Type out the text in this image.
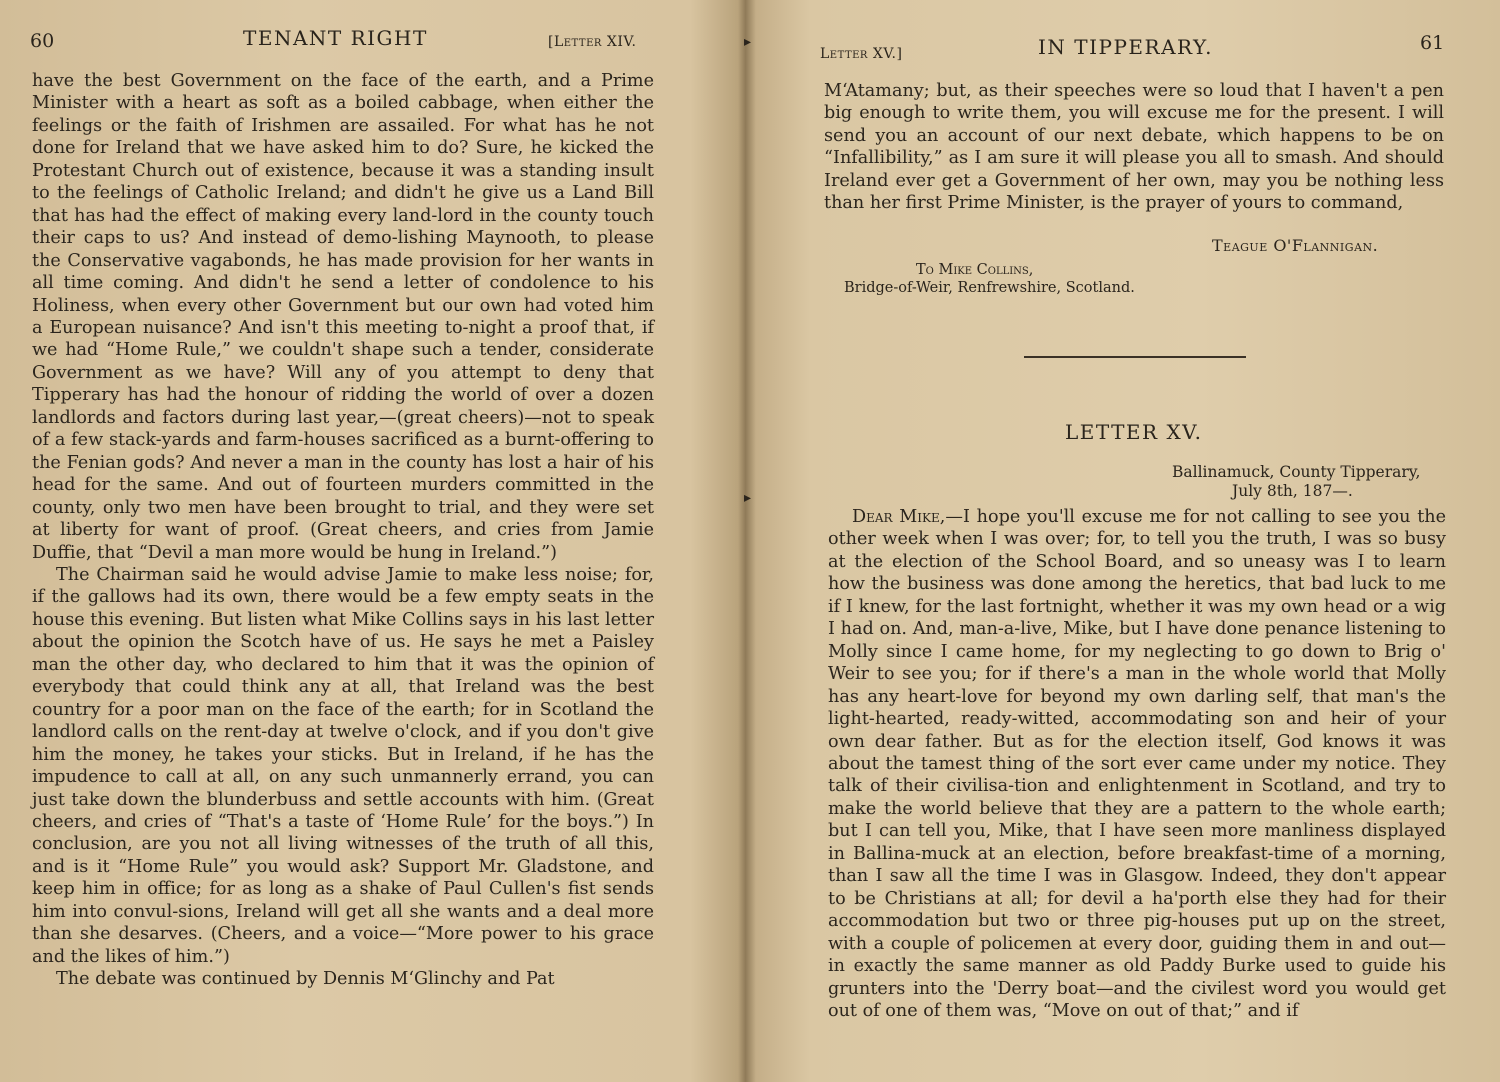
60	TENANT RIGHT	[Letter XIV.

have the best Government on the face of the earth, and a Prime Minister with a heart as soft as a boiled cabbage, when either the feelings or the faith of Irishmen are assailed. For what has he not done for Ireland that we have asked him to do? Sure, he kicked the Protestant Church out of existence, because it was a standing insult to the feelings of Catholic Ireland; and didn't he give us a Land Bill that has had the effect of making every land-lord in the county touch their caps to us? And instead of demo-lishing Maynooth, to please the Conservative vagabonds, he has made provision for her wants in all time coming. And didn't he send a letter of condolence to his Holiness, when every other Government but our own had voted him a European nuisance? And isn't this meeting to-night a proof that, if we had “Home Rule,” we couldn't shape such a tender, considerate Government as we have? Will any of you attempt to deny that Tipperary has had the honour of ridding the world of over a dozen landlords and factors during last year,—(great cheers)—not to speak of a few stack-yards and farm-houses sacrificed as a burnt-offering to the Fenian gods? And never a man in the county has lost a hair of his head for the same. And out of fourteen murders committed in the county, only two men have been brought to trial, and they were set at liberty for want of proof. (Great cheers, and cries from Jamie Duffie, that “Devil a man more would be hung in Ireland.”)

The Chairman said he would advise Jamie to make less noise; for, if the gallows had its own, there would be a few empty seats in the house this evening. But listen what Mike Collins says in his last letter about the opinion the Scotch have of us. He says he met a Paisley man the other day, who declared to him that it was the opinion of everybody that could think any at all, that Ireland was the best country for a poor man on the face of the earth; for in Scotland the landlord calls on the rent-day at twelve o'clock, and if you don't give him the money, he takes your sticks. But in Ireland, if he has the impudence to call at all, on any such unmannerly errand, you can just take down the blunderbuss and settle accounts with him. (Great cheers, and cries of “That's a taste of ‘Home Rule’ for the boys.”) In conclusion, are you not all living witnesses of the truth of all this, and is it “Home Rule” you would ask? Support Mr. Gladstone, and keep him in office; for as long as a shake of Paul Cullen's fist sends him into convul-sions, Ireland will get all she wants and a deal more than she desarves. (Cheers, and a voice—“More power to his grace and the likes of him.”)

The debate was continued by Dennis M‘Glinchy and Pat

Letter XV.]	IN TIPPERARY.	61

M‘Atamany; but, as their speeches were so loud that I haven't a pen big enough to write them, you will excuse me for the present. I will send you an account of our next debate, which happens to be on “Infallibility,” as I am sure it will please you all to smash. And should Ireland ever get a Government of her own, may you be nothing less than her first Prime Minister, is the prayer of yours to command,

Teague O'Flannigan.
To Mike Collins,
Bridge-of-Weir, Renfrewshire, Scotland.
LETTER XV.
Ballinamuck, County Tipperary,
July 8th, 187—.

Dear Mike,—I hope you'll excuse me for not calling to see you the other week when I was over; for, to tell you the truth, I was so busy at the election of the School Board, and so uneasy was I to learn how the business was done among the heretics, that bad luck to me if I knew, for the last fortnight, whether it was my own head or a wig I had on. And, man-a-live, Mike, but I have done penance listening to Molly since I came home, for my neglecting to go down to Brig o' Weir to see you; for if there's a man in the whole world that Molly has any heart-love for beyond my own darling self, that man's the light-hearted, ready-witted, accommodating son and heir of your own dear father. But as for the election itself, God knows it was about the tamest thing of the sort ever came under my notice. They talk of their civilisa-tion and enlightenment in Scotland, and try to make the world believe that they are a pattern to the whole earth; but I can tell you, Mike, that I have seen more manliness displayed in Ballina-muck at an election, before breakfast-time of a morning, than I saw all the time I was in Glasgow. Indeed, they don't appear to be Christians at all; for devil a ha'porth else they had for their accommodation but two or three pig-houses put up on the street, with a couple of policemen at every door, guiding them in and out—in exactly the same manner as old Paddy Burke used to guide his grunters into the 'Derry boat—and the civilest word you would get out of one of them was, “Move on out of that;” and if

▸
▸
